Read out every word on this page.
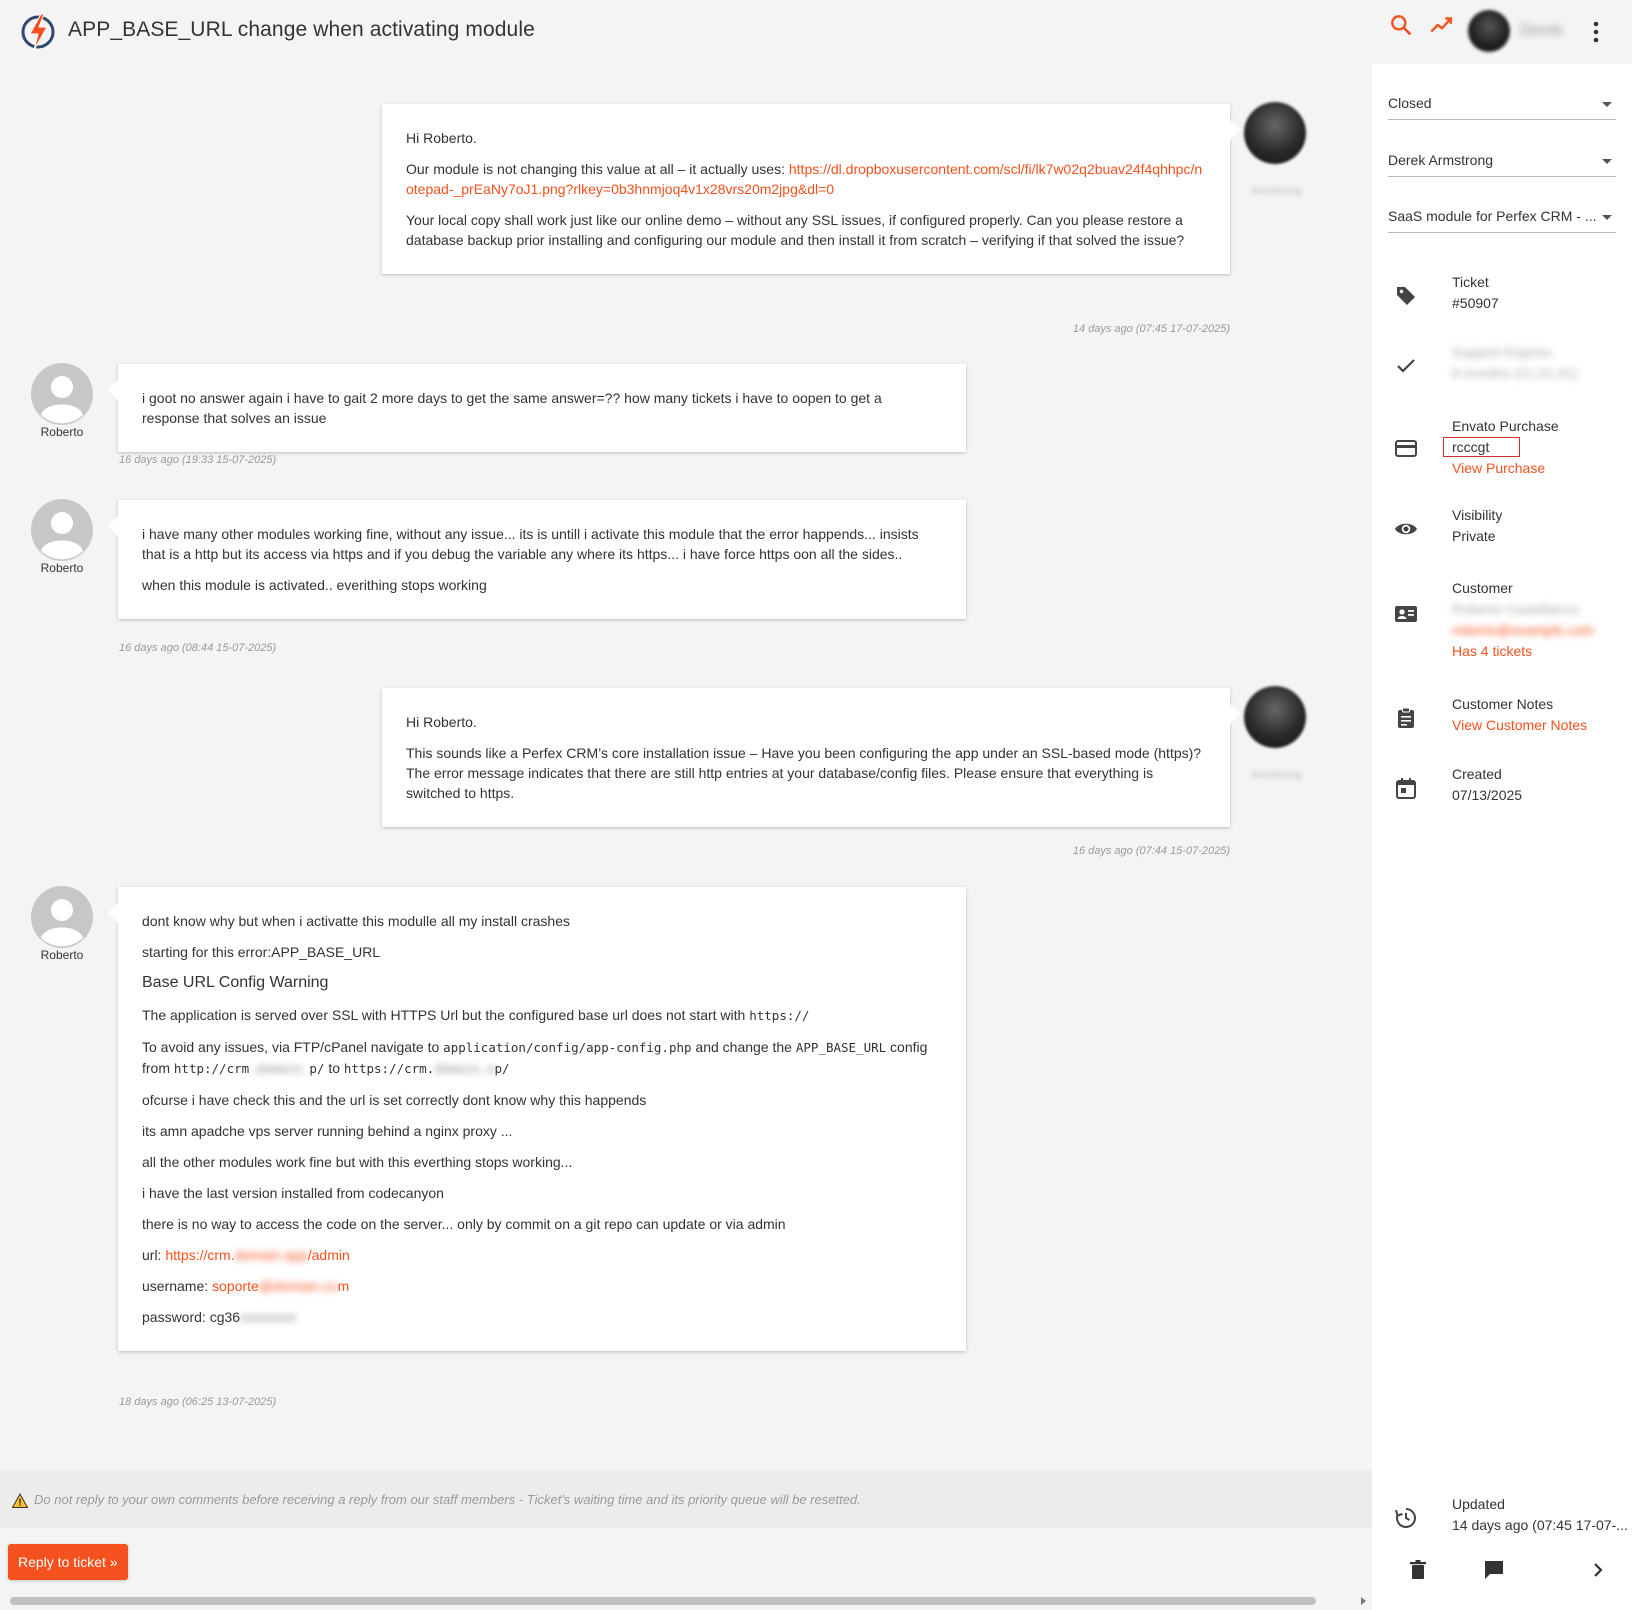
APP_BASE_URL change when activating module	Derek

Hi Roberto.

Our module is not changing this value at all – it actually uses: https://dl.dropboxusercontent.com/scl/fi/lk7w02q2buav24f4qhhpc/notepad-_prEaNy7oJ1.png?rlkey=0b3hnmjoq4v1x28vrs20m2jpg&dl=0

Your local copy shall work just like our online demo – without any SSL issues, if configured properly. Can you please restore a database backup prior installing and configuring our module and then install it from scratch – verifying if that solved the issue?

Armstrong
14 days ago (07:45 17-07-2025)
Roberto

i goot no answer again i have to gait 2 more days to get the same answer=?? how many tickets i have to oopen to get a response that solves an issue

16 days ago (19:33 15-07-2025)
Roberto

i have many other modules working fine, without any issue... its is untill i activate this module that the error happends... insists that is a http but its access via https and if you debug the variable any where its https... i have force https oon all the sides..

when this module is activated.. everithing stops working

16 days ago (08:44 15-07-2025)

Hi Roberto.

This sounds like a Perfex CRM’s core installation issue – Have you been configuring the app under an SSL-based mode (https)? The error message indicates that there are still http entries at your database/config files. Please ensure that everything is switched to https.

Armstrong
16 days ago (07:44 15-07-2025)
Roberto

dont know why but when i activatte this modulle all my install crashes

starting for this error:APP_BASE_URL

Base URL Config Warning

The application is served over SSL with HTTPS Url but the configured base url does not start with https://

To avoid any issues, via FTP/cPanel navigate to application/config/app-config.php and change the APP_BASE_URL config from http://crm.domain.p/ to https://crm.domain.ap/

ofcurse i have check this and the url is set correctly dont know why this happends

its amn apadche vps server running behind a nginx proxy ...

all the other modules work fine but with this everthing stops working...

i have the last version installed from codecanyon

there is no way to access the code on the server... only by commit on a git repo can update or via admin

url: https://crm.domain.app/admin

username: soporte@domain.com

password: cg36xxxxxxxx

18 days ago (06:25 13-07-2025)
Do not reply to your own comments before receiving a reply from our staff members - Ticket's waiting time and its priority queue will be resetted.
Reply to ticket »
Closed
Derek Armstrong
SaaS module for Perfex CRM - ...
Ticket
#50907
Support Expires
6 months (21.01.01)
Envato Purchase
rcccgt
View Purchase
Visibility
Private
Customer
Roberto Castellanos
roberto@example.com
Has 4 tickets
Customer Notes
View Customer Notes
Created
07/13/2025
Updated
14 days ago (07:45 17-07-...
